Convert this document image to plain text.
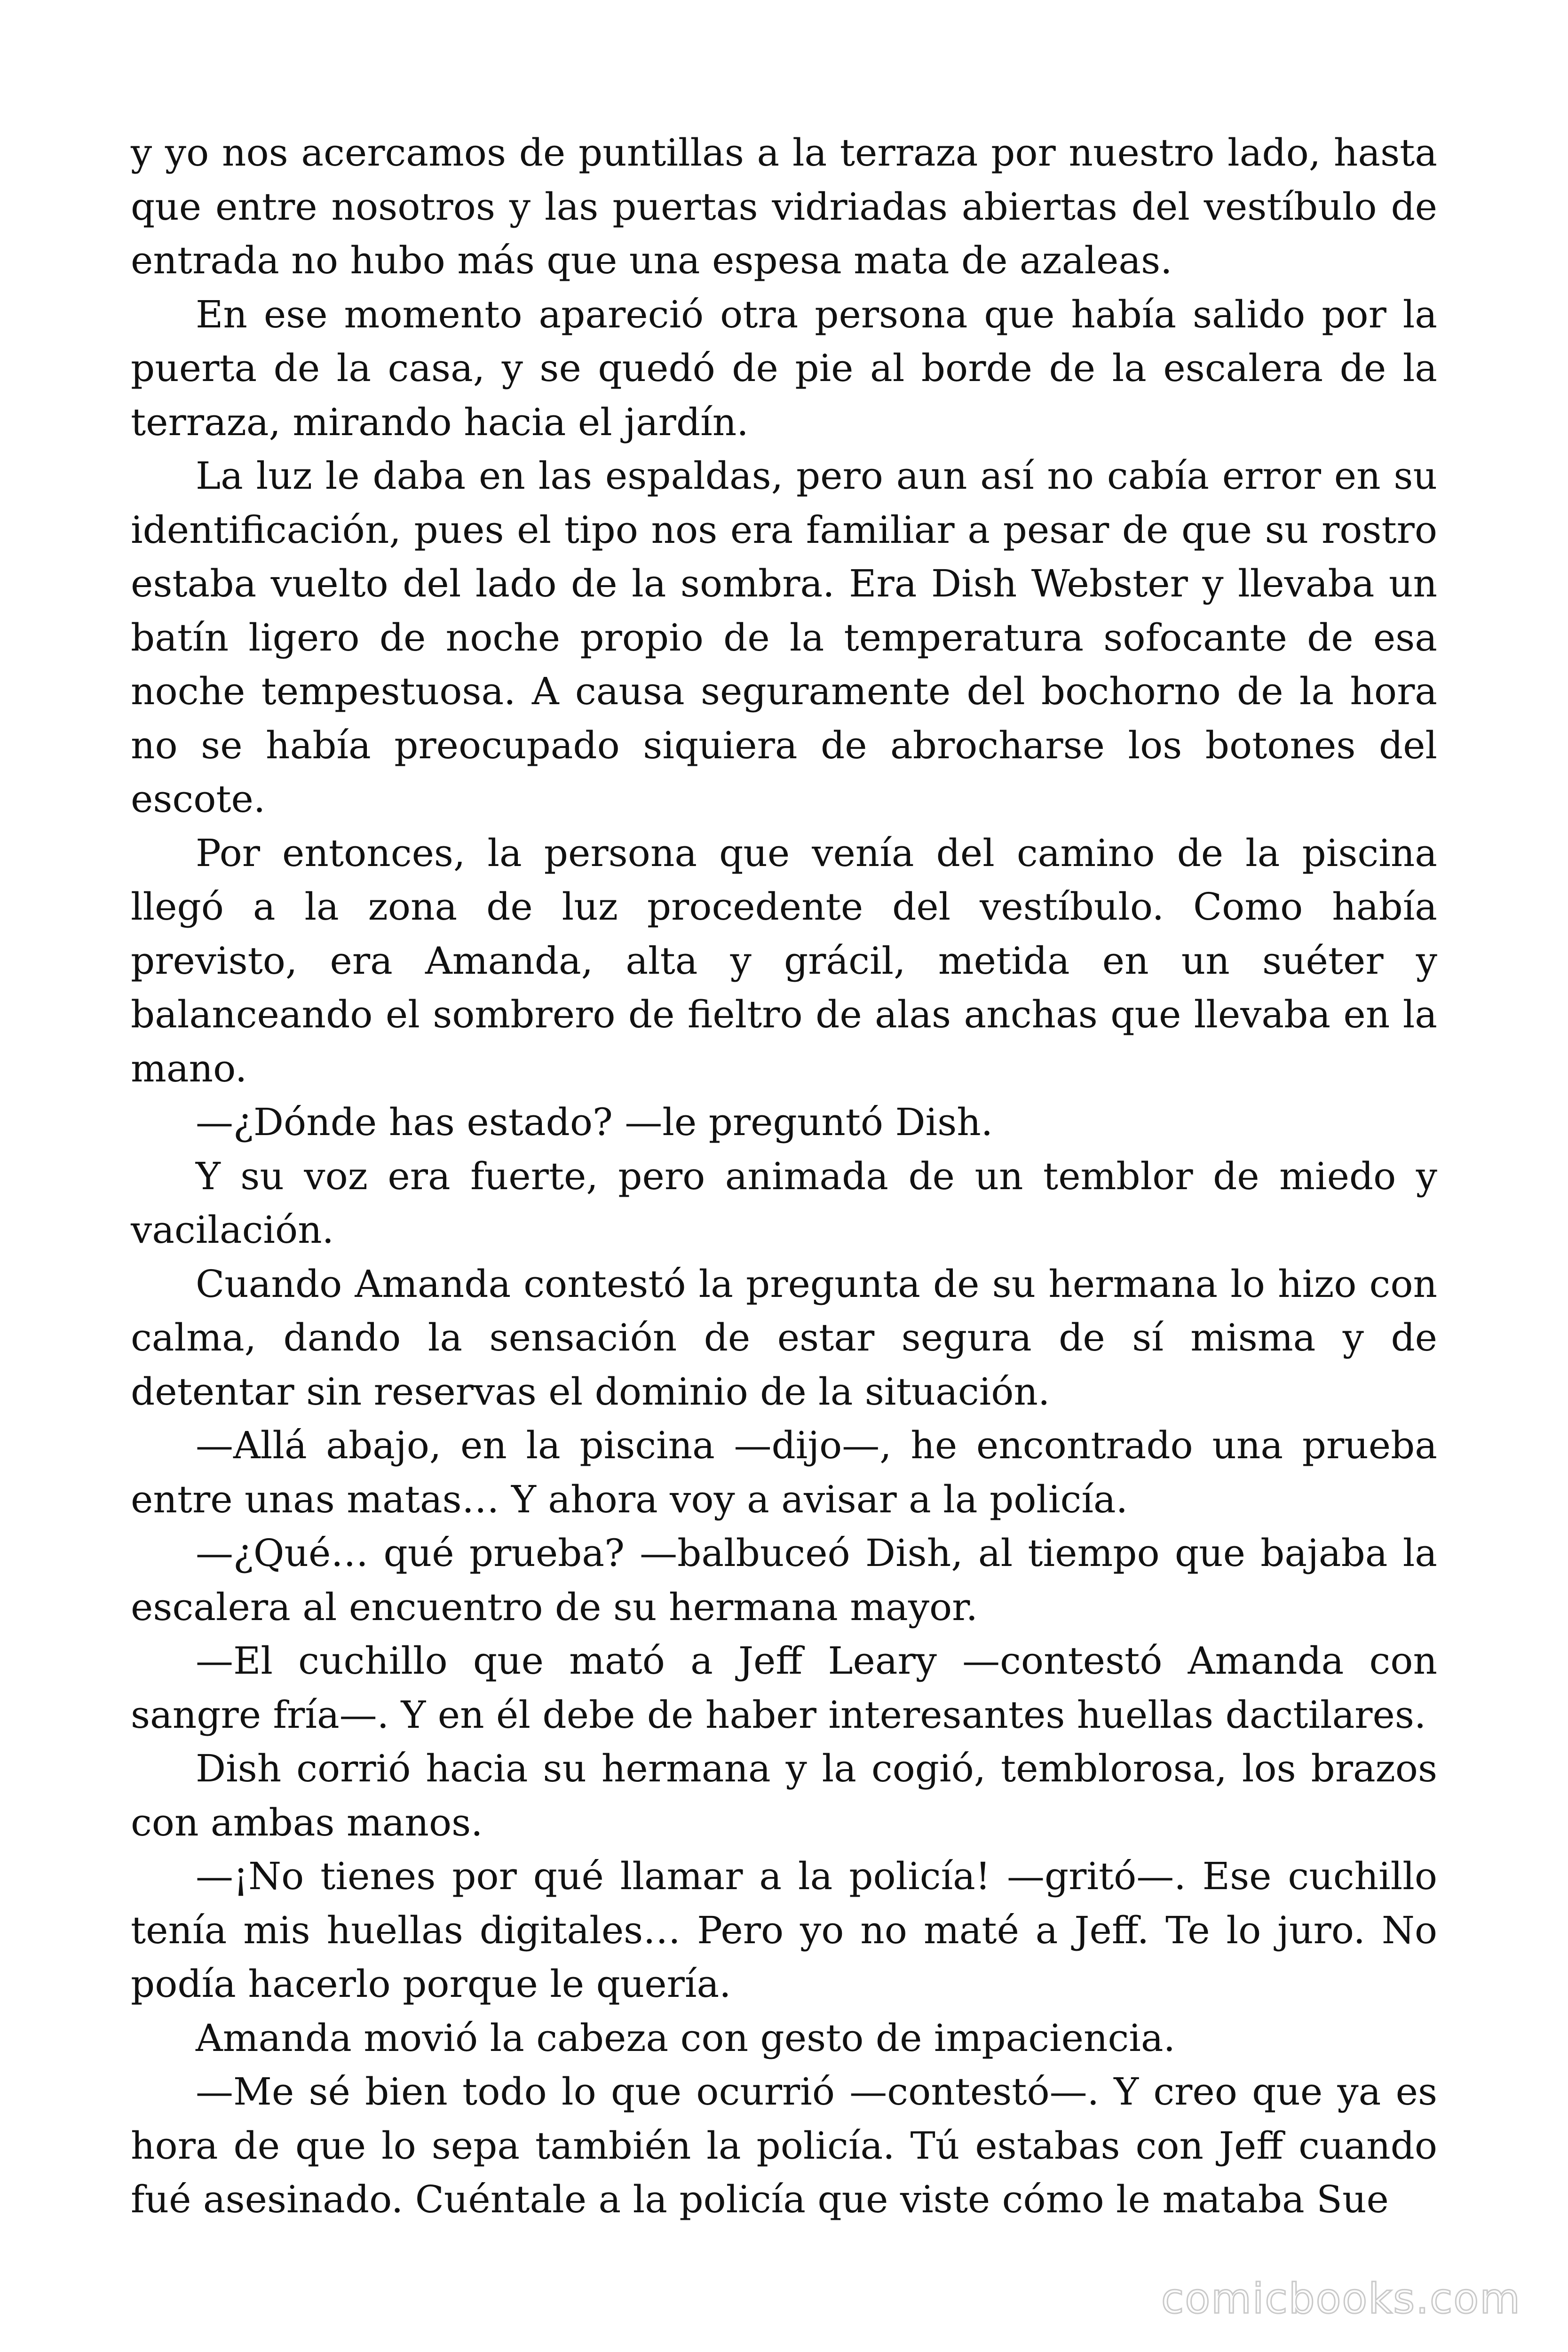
y yo nos acercamos de puntillas a la terraza por nuestro lado, hasta que entre nosotros y las puertas vidriadas abiertas del vestíbulo de entrada no hubo más que una espesa mata de azaleas.

En ese momento apareció otra persona que había salido por la puerta de la casa, y se quedó de pie al borde de la escalera de la terraza, mirando hacia el jardín.

La luz le daba en las espaldas, pero aun así no cabía error en su identificación, pues el tipo nos era familiar a pesar de que su rostro estaba vuelto del lado de la sombra. Era Dish Webster y llevaba un batín ligero de noche propio de la temperatura sofocante de esa noche tempestuosa. A causa seguramente del bochorno de la hora no se había preocupado siquiera de abrocharse los botones del escote.

Por entonces, la persona que venía del camino de la piscina llegó a la zona de luz procedente del vestíbulo. Como había previsto, era Amanda, alta y grácil, metida en un suéter y balanceando el sombrero de fieltro de alas anchas que llevaba en la mano.

—¿Dónde has estado? —le preguntó Dish.

Y su voz era fuerte, pero animada de un temblor de miedo y vacilación.

Cuando Amanda contestó la pregunta de su hermana lo hizo con calma, dando la sensación de estar segura de sí misma y de detentar sin reservas el dominio de la situación.

—Allá abajo, en la piscina —dijo—, he encontrado una prueba entre unas matas… Y ahora voy a avisar a la policía.

—¿Qué… qué prueba? —balbuceó Dish, al tiempo que bajaba la escalera al encuentro de su hermana mayor.

—El cuchillo que mató a Jeff Leary —contestó Amanda con sangre fría—. Y en él debe de haber interesantes huellas dactilares.

Dish corrió hacia su hermana y la cogió, temblorosa, los brazos con ambas manos.

—¡No tienes por qué llamar a la policía! —gritó—. Ese cuchillo tenía mis huellas digitales… Pero yo no maté a Jeff. Te lo juro. No podía hacerlo porque le quería.

Amanda movió la cabeza con gesto de impaciencia.

—Me sé bien todo lo que ocurrió —contestó—. Y creo que ya es hora de que lo sepa también la policía. Tú estabas con Jeff cuando fué asesinado. Cuéntale a la policía que viste cómo le mataba Sue

comicbooks.com
